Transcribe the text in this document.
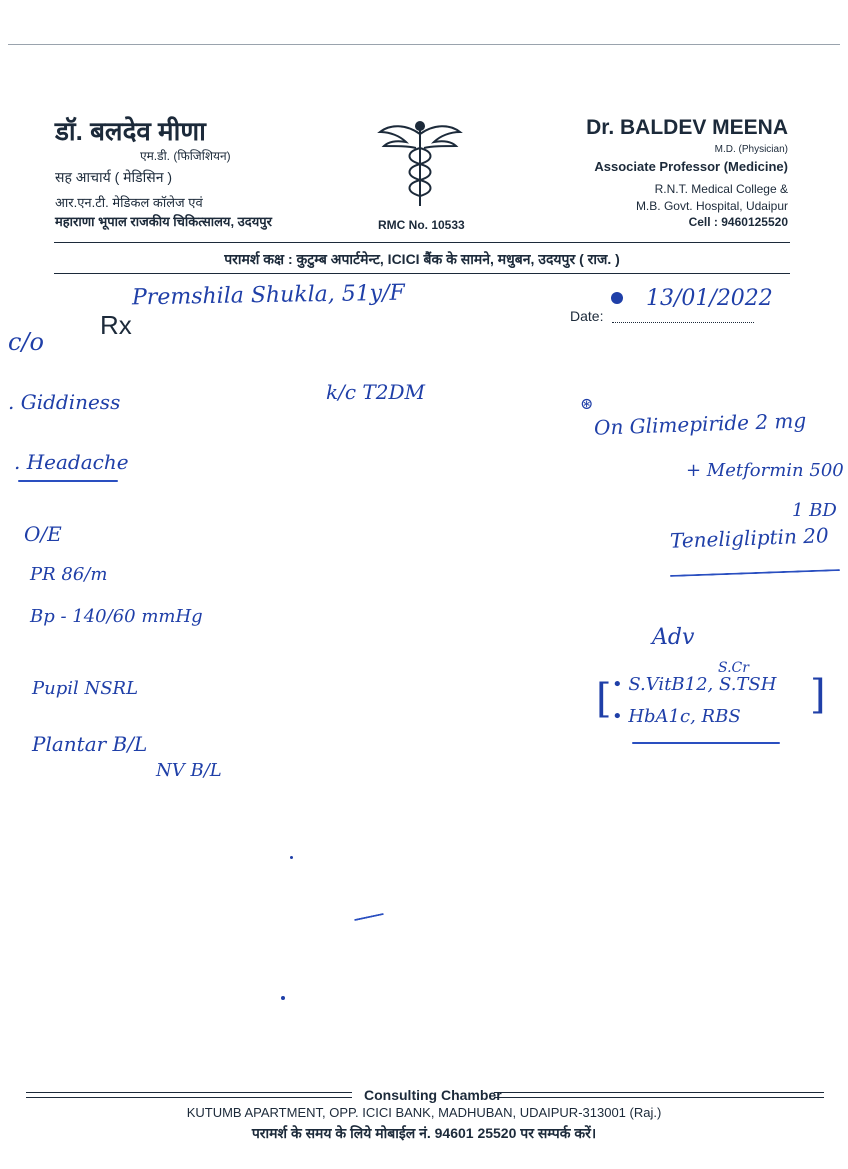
डॉ. बलदेव मीणा
एम.डी. (फिजिशियन)
सह आचार्य ( मेडिसिन )
आर.एन.टी. मेडिकल कॉलेज एवं
महाराणा भूपाल राजकीय चिकित्सालय, उदयपुर	RMC No. 10533
Dr. BALDEV MEENA
M.D. (Physician)
Associate Professor (Medicine)
R.N.T. Medical College &
M.B. Govt. Hospital, Udaipur
Cell : 9460125520
परामर्श कक्ष : कुटुम्ब अपार्टमेन्ट, ICICI बैंक के सामने, मधुबन, उदयपुर ( राज. )
Premshila Shukla, 51y/F
Date:
13/01/2022
Rx
c/o
. Giddiness
. Headache
k/c T2DM
O/E
PR 86/m
Bp - 140/60 mmHg
Pupil NSRL
Plantar B/L
NV B/L
⊛
On Glimepiride 2 mg
+ Metformin 500
1 BD
Teneligliptin 20
Adv
S.Cr
[ • S.VitB12, S.TSH
• HbA1c, RBS ]
Consulting Chamber
KUTUMB APARTMENT, OPP. ICICI BANK, MADHUBAN, UDAIPUR-313001 (Raj.)
परामर्श के समय के लिये मोबाईल नं. 94601 25520 पर सम्पर्क करें।
